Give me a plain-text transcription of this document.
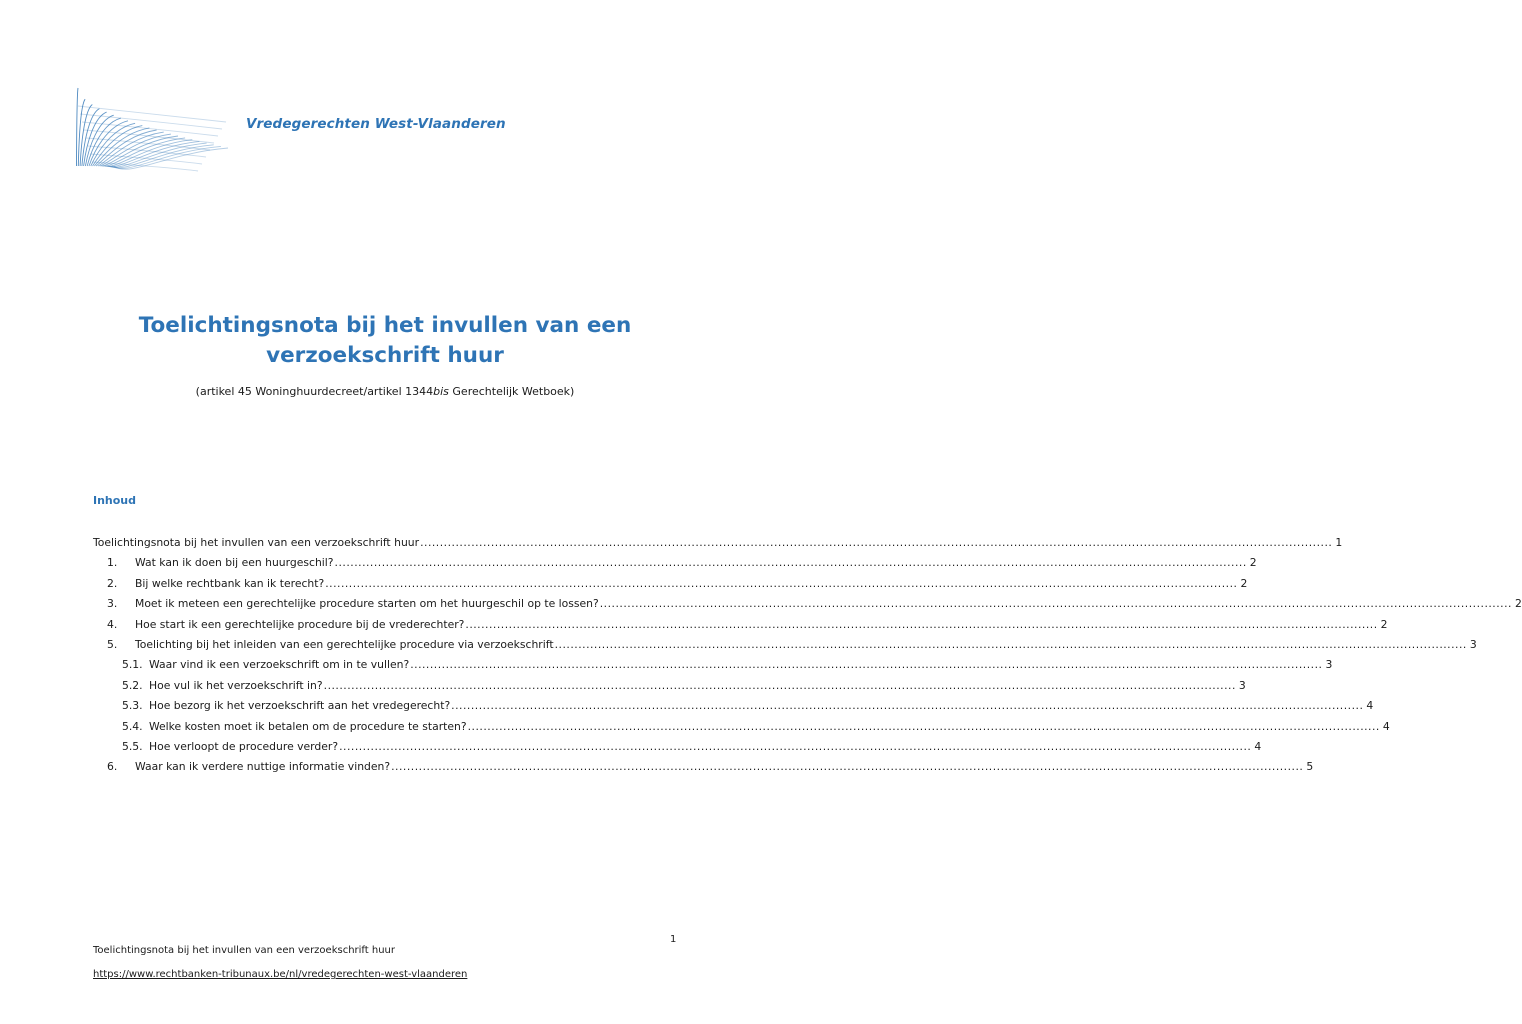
Vredegerechten West-Vlaanderen
Toelichtingsnota bij het invullen van een
verzoekschrift huur
(artikel 45 Woninghuurdecreet/artikel 1344bis Gerechtelijk Wetboek)
Inhoud
Toelichtingsnota bij het invullen van een verzoekschrift huur .....	1
1.	Wat kan ik doen bij een huurgeschil? .....	2
2.	Bij welke rechtbank kan ik terecht? .....	2
3.	Moet ik meteen een gerechtelijke procedure starten om het huurgeschil op te lossen? .....	2
4.	Hoe start ik een gerechtelijke procedure bij de vrederechter? .....	2
5.	Toelichting bij het inleiden van een gerechtelijke procedure via verzoekschrift .....	3
5.1. Waar vind ik een verzoekschrift om in te vullen? .....	3
5.2. Hoe vul ik het verzoekschrift in? .....	3
5.3. Hoe bezorg ik het verzoekschrift aan het vredegerecht? .....	4
5.4. Welke kosten moet ik betalen om de procedure te starten? .....	4
5.5. Hoe verloopt de procedure verder? .....	4
6.	Waar kan ik verdere nuttige informatie vinden? .....	5
1
Toelichtingsnota bij het invullen van een verzoekschrift huur
https://www.rechtbanken-tribunaux.be/nl/vredegerechten-west-vlaanderen
